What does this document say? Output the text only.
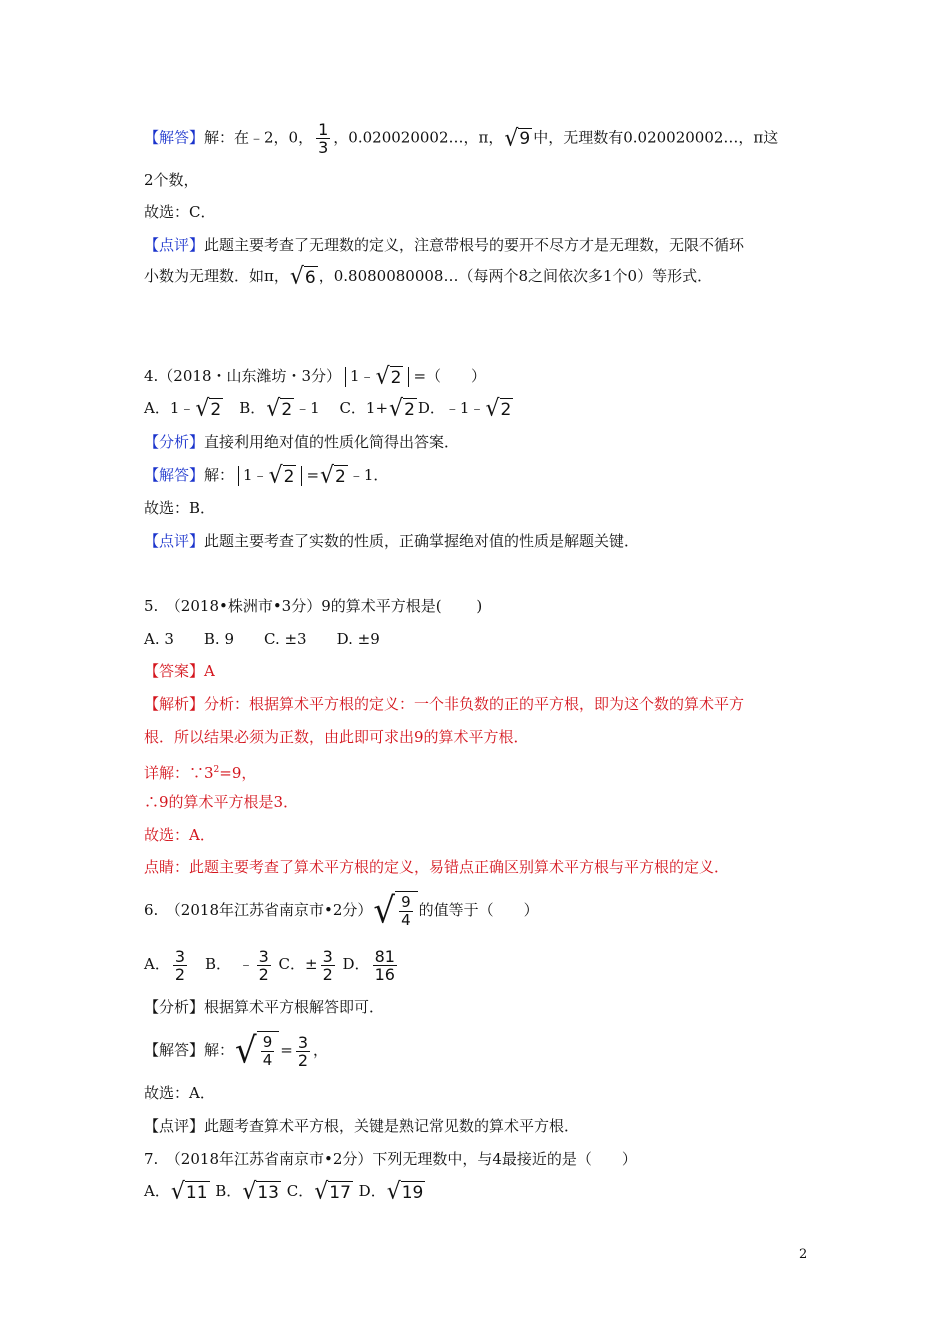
【解答】解：在﹣2，0， $\frac{1}{3}$ ，0.020020002…，π， √ 9 中，无理数有0.020020002…，π这
2个数，
故选：C．
【点评】此题主要考查了无理数的定义，注意带根号的要开不尽方才是无理数，无限不循环
小数为无理数．如π， √ 6 ，0.8080080008…（每两个8之间依次多1个0）等形式．
4.（2018・山东潍坊・3分） 1﹣ √ 2 =（　　）
A．1﹣ √ 2 　B． √ 2 ﹣1　 C．1+ √ 2 D．﹣1﹣ √ 2
【分析】直接利用绝对值的性质化简得出答案．
【解答】解： 1﹣ √ 2 = √ 2 ﹣1．
故选：B．
【点评】此题主要考查了实数的性质，正确掌握绝对值的性质是解题关键．
5.　（2018•株洲市•3分）9的算术平方根是(　　 )
A. 3　　B. 9　　C. ±3　　D. ±9
【答案】A
【解析】分析：根据算术平方根的定义：一个非负数的正的平方根，即为这个数的算术平方
根．所以结果必须为正数，由此即可求出9的算术平方根．
详解：$\because 3^2=9$，
∴9的算术平方根是3．
故选：A．
点睛：此题主要考查了算术平方根的定义，易错点正确区别算术平方根与平方根的定义．
6.　（2018年江苏省南京市•2分） √ $\frac{9}{4}$ 的值等于（　　）
A． $\frac{3}{2}$ 　B．　﹣ $\frac{3}{2}$ C．± $\frac{3}{2}$ D． $\frac{81}{16}$
【分析】根据算术平方根解答即可．
【解答】解： √ $\frac{9}{4} = \frac{3}{2}$ ，
故选：A．
【点评】此题考查算术平方根，关键是熟记常见数的算术平方根．
7.　（2018年江苏省南京市•2分）下列无理数中，与4最接近的是（　　）
A． √ 11 B． √ 13 C． √ 17 D． √ 19
2
